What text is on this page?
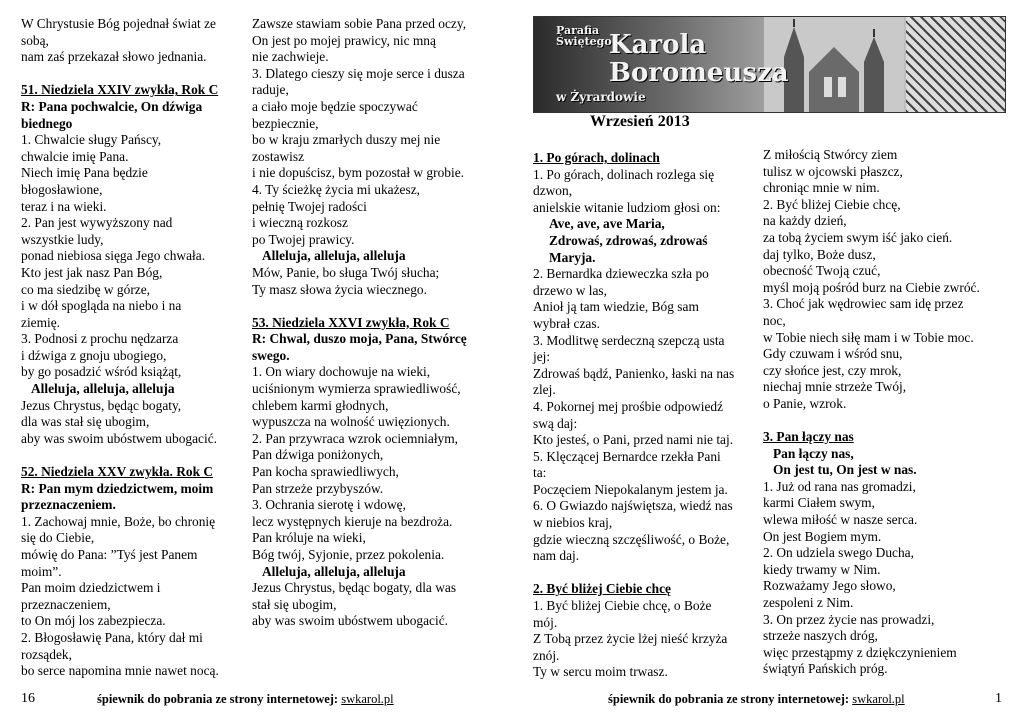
W Chrystusie Bóg pojednał świat ze
sobą,
nam zaś przekazał słowo jednania.
51. Niedziela XXIV zwykła, Rok C
R: Pana pochwalcie, On dźwiga
biednego
1. Chwalcie sługy Pańscy,
chwalcie imię Pana.
Niech imię Pana będzie
błogosławione,
teraz i na wieki.
2. Pan jest wywyższony nad
wszystkie ludy,
ponad niebiosa sięga Jego chwała.
Kto jest jak nasz Pan Bóg,
co ma siedzibę w górze,
i w dół spogląda na niebo i na
ziemię.
3. Podnosi z prochu nędzarza
i dźwiga z gnoju ubogiego,
by go posadzić wśród książąt,
Alleluja, alleluja, alleluja
Jezus Chrystus, będąc bogaty,
dla was stał się ubogim,
aby was swoim ubóstwem ubogacić.
52. Niedziela XXV zwykła. Rok C
R: Pan mym dziedzictwem, moim
przeznaczeniem.
1. Zachowaj mnie, Boże, bo chronię
się do Ciebie,
mówię do Pana: ”Tyś jest Panem
moim”.
Pan moim dziedzictwem i
przeznaczeniem,
to On mój los zabezpiecza.
2. Błogosławię Pana, który dał mi
rozsądek,
bo serce napomina mnie nawet nocą.
Zawsze stawiam sobie Pana przed oczy,
On jest po mojej prawicy, nic mną
nie zachwieje.
3. Dlatego cieszy się moje serce i dusza
raduje,
a ciało moje będzie spoczywać
bezpiecznie,
bo w kraju zmarłych duszy mej nie
zostawisz
i nie dopuścisz, bym pozostał w grobie.
4. Ty ścieżkę życia mi ukażesz,
pełnię Twojej radości
i wieczną rozkosz
po Twojej prawicy.
Alleluja, alleluja, alleluja
Mów, Panie, bo sługa Twój słucha;
Ty masz słowa życia wiecznego.
53. Niedziela XXVI zwykła, Rok C
R: Chwal, duszo moja, Pana, Stwórcę
swego.
1. On wiary dochowuje na wieki,
uciśnionym wymierza sprawiedliwość,
chlebem karmi głodnych,
wypuszcza na wolność uwięzionych.
2. Pan przywraca wzrok ociemniałym,
Pan dźwiga poniżonych,
Pan kocha sprawiedliwych,
Pan strzeże przybyszów.
3. Ochrania sierotę i wdowę,
lecz występnych kieruje na bezdroża.
Pan króluje na wieki,
Bóg twój, Syjonie, przez pokolenia.
Alleluja, alleluja, alleluja
Jezus Chrystus, będąc bogaty, dla was
stał się ubogim,
aby was swoim ubóstwem ubogacić.
Parafia
Świętego
Karola
Boromeusza
w Żyrardowie
Wrzesień 2013
1. Po górach, dolinach
1. Po górach, dolinach rozlega się
dzwon,
anielskie witanie ludziom głosi on:
Ave, ave, ave Maria,
Zdrowaś, zdrowaś, zdrowaś
Maryja.
2. Bernardka dzieweczka szła po
drzewo w las,
Anioł ją tam wiedzie, Bóg sam
wybrał czas.
3. Modlitwę serdeczną szepczą usta
jej:
Zdrowaś bądź, Panienko, łaski na nas
zlej.
4. Pokornej mej prośbie odpowiedź
swą daj:
Kto jesteś, o Pani, przed nami nie taj.
5. Klęczącej Bernardce rzekła Pani
ta:
Poczęciem Niepokalanym jestem ja.
6. O Gwiazdo najświętsza, wiedź nas
w niebios kraj,
gdzie wieczną szczęśliwość, o Boże,
nam daj.
2. Być bliżej Ciebie chcę
1. Być bliżej Ciebie chcę, o Boże
mój.
Z Tobą przez życie lżej nieść krzyża
znój.
Ty w sercu moim trwasz.
Z miłością Stwórcy ziem
tulisz w ojcowski płaszcz,
chroniąc mnie w nim.
2. Być bliżej Ciebie chcę,
na każdy dzień,
za tobą życiem swym iść jako cień.
daj tylko, Boże dusz,
obecność Twoją czuć,
myśl moją pośród burz na Ciebie zwróć.
3. Choć jak wędrowiec sam idę przez
noc,
w Tobie niech siłę mam i w Tobie moc.
Gdy czuwam i wśród snu,
czy słońce jest, czy mrok,
niechaj mnie strzeże Twój,
o Panie, wzrok.
3. Pan łączy nas
Pan łączy nas,
On jest tu, On jest w nas.
1. Już od rana nas gromadzi,
karmi Ciałem swym,
wlewa miłość w nasze serca.
On jest Bogiem mym.
2. On udziela swego Ducha,
kiedy trwamy w Nim.
Rozważamy Jego słowo,
zespoleni z Nim.
3. On przez życie nas prowadzi,
strzeże naszych dróg,
więc przestąpmy z dziękczynieniem
świątyń Pańskich próg.
16	śpiewnik do pobrania ze strony internetowej: swkarol.pl	śpiewnik do pobrania ze strony internetowej: swkarol.pl	1
